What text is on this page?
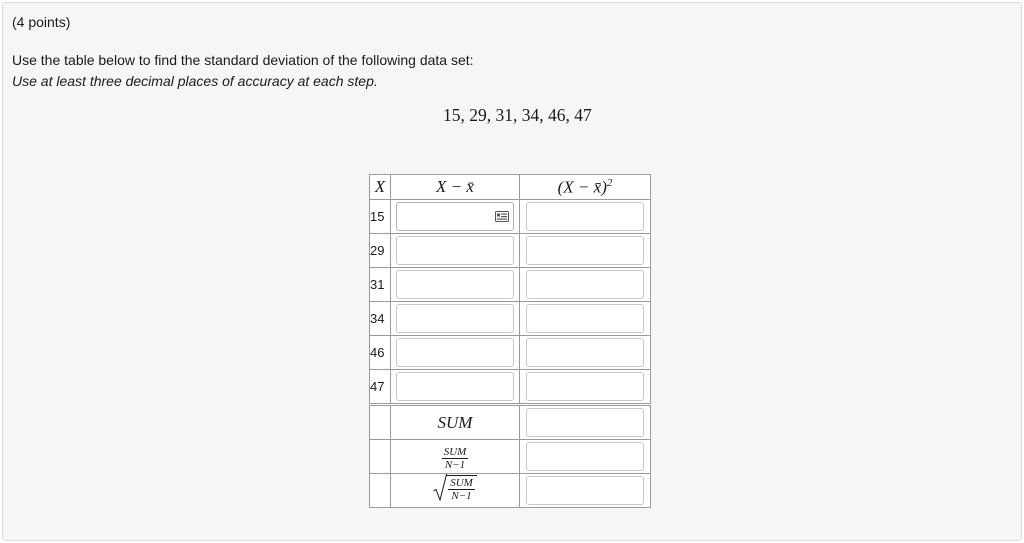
(4 points)
Use the table below to find the standard deviation of the following data set:
Use at least three decimal places of accuracy at each step.
15, 29, 31, 34, 46, 47
X	X − x̄	(X − x̄)$^2$
15	

29		
31		
34		
46		
47		
	SUM	

	$\frac{\text{SUM}}{N-1}$

	$\frac{\text{SUM}}{N-1}$
